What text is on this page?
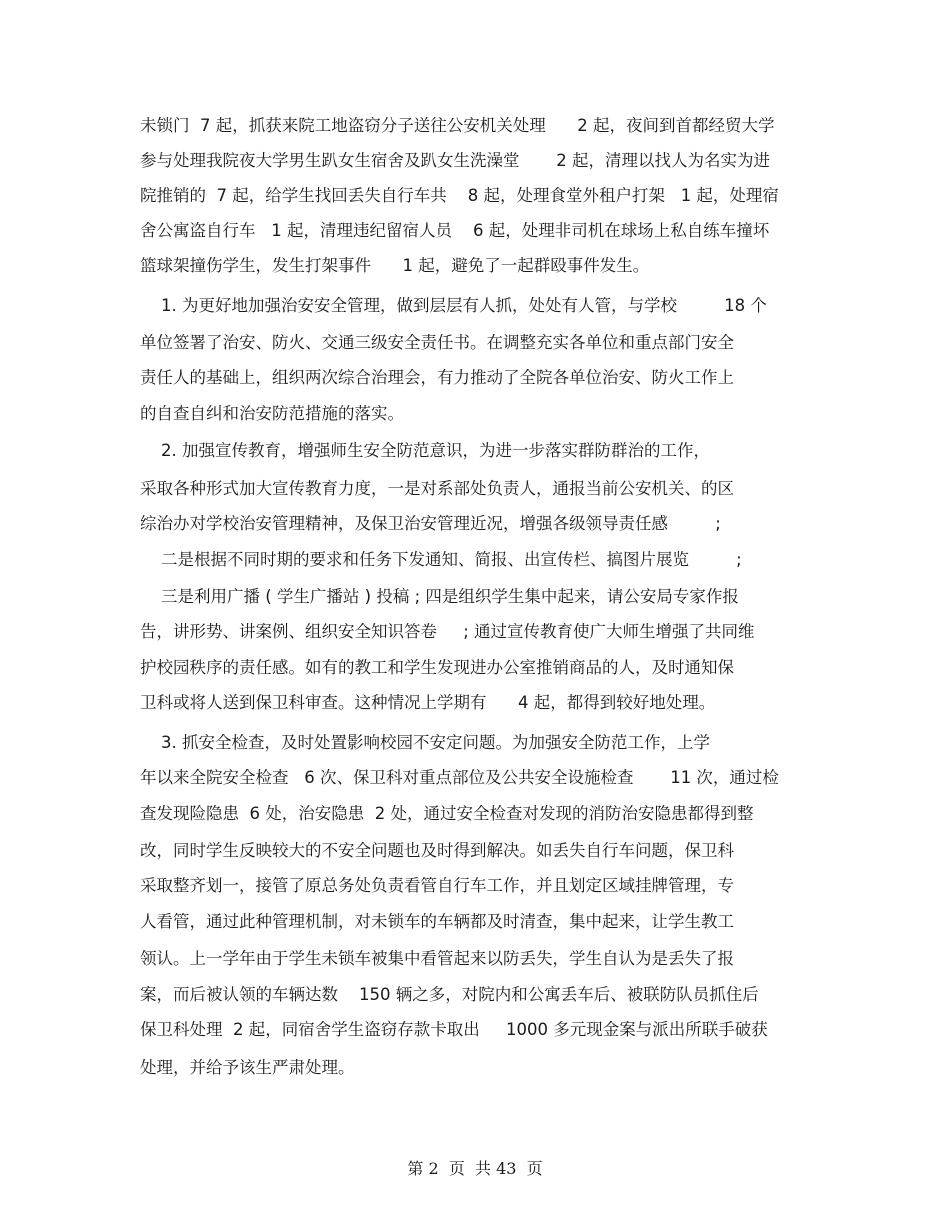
未锁门  7 起，抓获来院工地盗窃分子送往公安机关处理      2 起，夜间到首都经贸大学
参与处理我院夜大学男生趴女生宿舍及趴女生洗澡堂       2 起，清理以找人为名实为进
院推销的  7 起，给学生找回丢失自行车共    8 起，处理食堂外租户打架   1 起，处理宿
舍公寓盗自行车   1 起，清理违纪留宿人员    6 起，处理非司机在球场上私自练车撞坏
篮球架撞伤学生，发生打架事件      1 起，避免了一起群殴事件发生。
1. 为更好地加强治安安全管理，做到层层有人抓，处处有人管，与学校         18 个
单位签署了治安、防火、交通三级安全责任书。在调整充实各单位和重点部门安全
责任人的基础上，组织两次综合治理会，有力推动了全院各单位治安、防火工作上
的自查自纠和治安防范措施的落实。
2. 加强宣传教育，增强师生安全防范意识，为进一步落实群防群治的工作，
采取各种形式加大宣传教育力度，一是对系部处负责人，通报当前公安机关、的区
综治办对学校治安管理精神，及保卫治安管理近况，增强各级领导责任感         ;
二是根据不同时期的要求和任务下发通知、简报、出宣传栏、搞图片展览         ;
三是利用广播 ( 学生广播站 ) 投稿 ; 四是组织学生集中起来，请公安局专家作报
告，讲形势、讲案例、组织安全知识答卷     ; 通过宣传教育使广大师生增强了共同维
护校园秩序的责任感。如有的教工和学生发现进办公室推销商品的人，及时通知保
卫科或将人送到保卫科审查。这种情况上学期有      4 起，都得到较好地处理。
3. 抓安全检查，及时处置影响校园不安定问题。为加强安全防范工作，上学
年以来全院安全检查   6 次、保卫科对重点部位及公共安全设施检查       11 次，通过检
查发现险隐患  6 处，治安隐患  2 处，通过安全检查对发现的消防治安隐患都得到整
改，同时学生反映较大的不安全问题也及时得到解决。如丢失自行车问题，保卫科
采取整齐划一，接管了原总务处负责看管自行车工作，并且划定区域挂牌管理，专
人看管，通过此种管理机制，对未锁车的车辆都及时清查，集中起来，让学生教工
领认。上一学年由于学生未锁车被集中看管起来以防丢失，学生自认为是丢失了报
案，而后被认领的车辆达数    150 辆之多，对院内和公寓丢车后、被联防队员抓住后
保卫科处理  2 起，同宿舍学生盗窃存款卡取出     1000 多元现金案与派出所联手破获
处理，并给予该生严肃处理。
第 2  页  共 43  页
